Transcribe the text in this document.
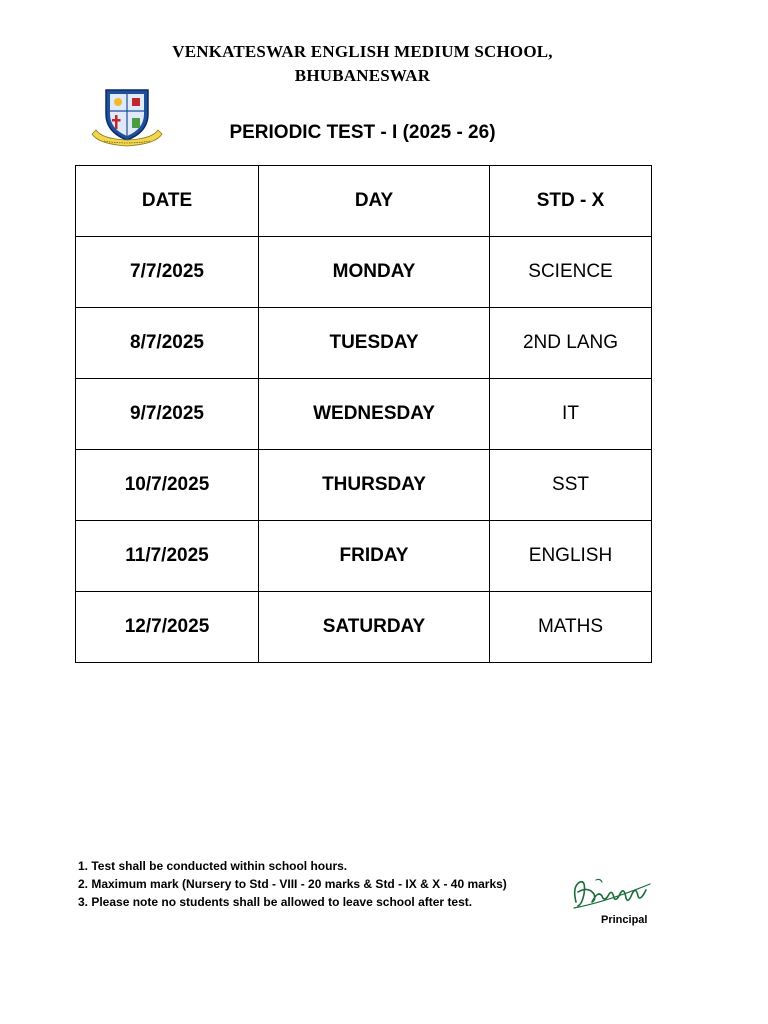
VENKATESWAR ENGLISH MEDIUM SCHOOL,
BHUBANESWAR
PERIODIC TEST - I (2025 - 26)
DATE	DAY	STD - X
7/7/2025	MONDAY	SCIENCE
8/7/2025	TUESDAY	2ND LANG
9/7/2025	WEDNESDAY	IT
10/7/2025	THURSDAY	SST
11/7/2025	FRIDAY	ENGLISH
12/7/2025	SATURDAY	MATHS
1. Test shall be conducted within school hours.
2. Maximum mark (Nursery to Std - VIII - 20 marks & Std - IX & X - 40 marks)
3. Please note no students shall be allowed to leave school after test.
Principal
